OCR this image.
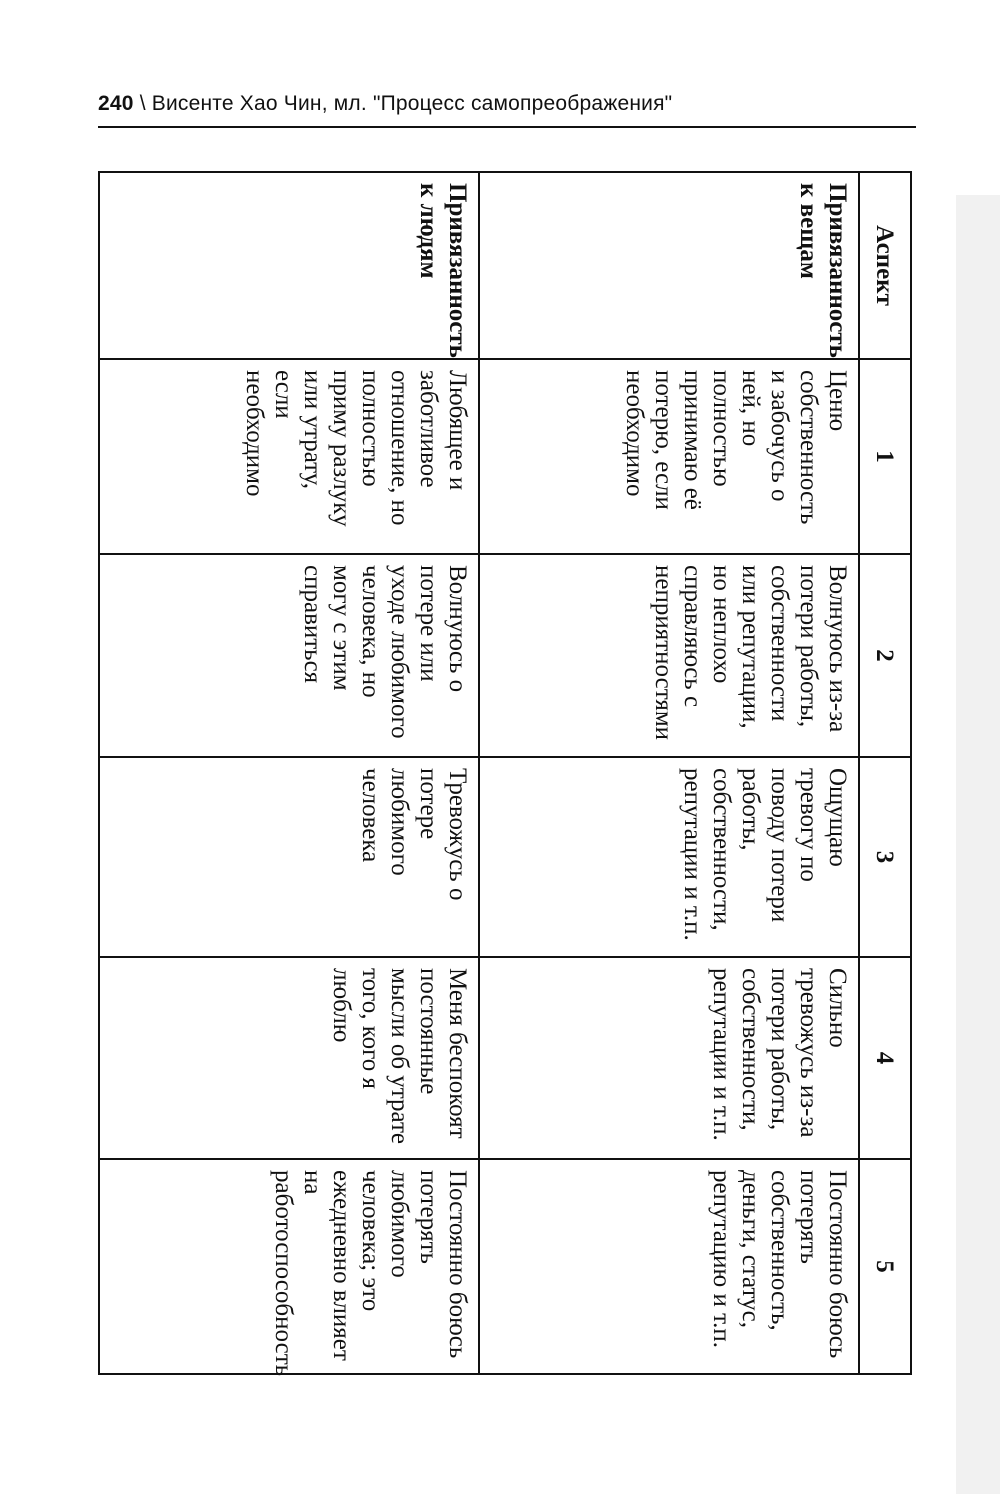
240 \ Висенте Хао Чин, мл. "Процесс самопреображения"
Аспект	1	2	3	4	5
Привязанность к вещам	Ценю собственность и забочусь о ней, но полностью принимаю её потерю, если необходимо	Волнуюсь из-за потери работы, собственности или репутации, но неплохо справляюсь с неприятностями	Ощущаю тревогу по поводу потери работы, собственности, репутации и т.п.	Сильно тревожусь из-за потери работы, собственности, репутации и т.п.	Постоянно боюсь потерять собственность, деньги, статус, репутацию и т.п.
Привязанность к людям	Любящее и заботливое отношение, но полностью приму разлуку или утрату, если необходимо	Волнуюсь о потере или уходе любимого человека, но могу с этим справиться	Тревожусь о потере любимого человека	Меня беспокоят постоянные мысли об утрате того, кого я люблю	Постоянно боюсь потерять любимого человека; это ежедневно влияет на работоспособность
